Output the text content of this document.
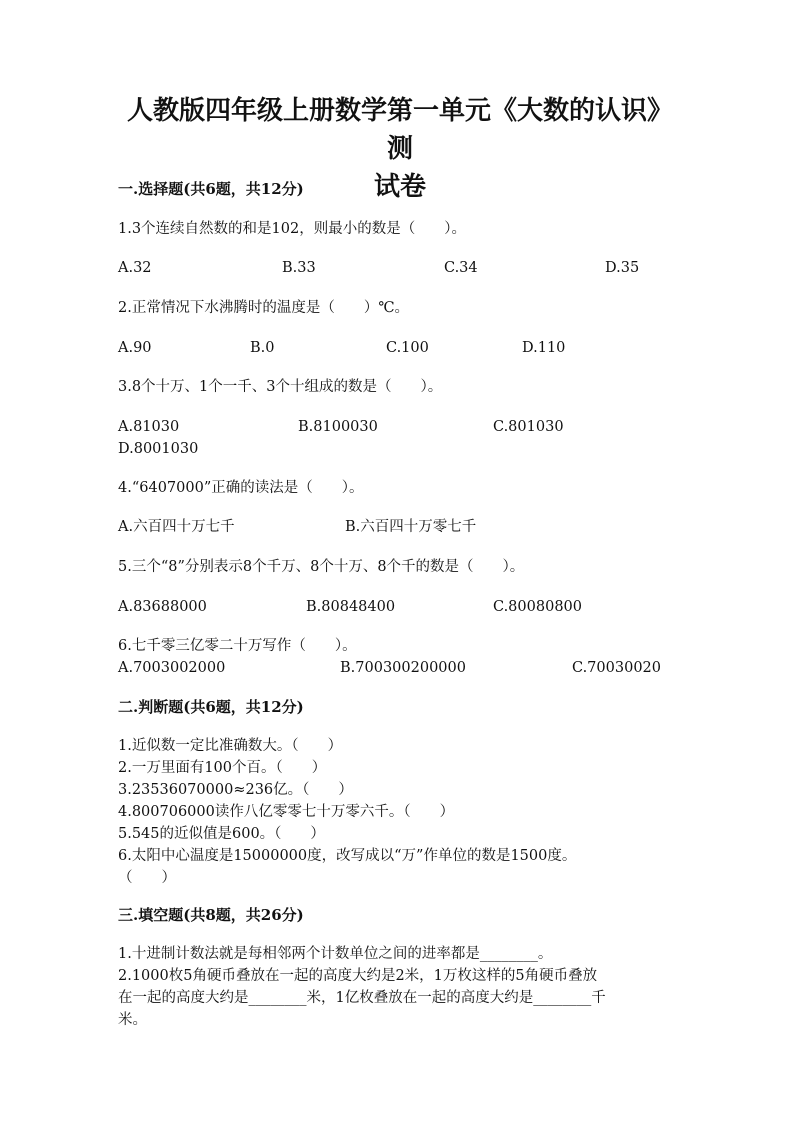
人教版四年级上册数学第一单元《大数的认识》测
试卷
一.选择题(共6题，共12分)
1.3个连续自然数的和是102，则最小的数是（　　）。
A.32	B.33	C.34	D.35
2.正常情况下水沸腾时的温度是（　　）℃。
A.90	B.0	C.100	D.110
3.8个十万、1个一千、3个十组成的数是（　　）。
A.81030	B.8100030	C.801030
D.8001030
4.“6407000”正确的读法是（　　）。
A.六百四十万七千	B.六百四十万零七千
5.三个“8”分别表示8个千万、8个十万、8个千的数是（　　）。
A.83688000	B.80848400	C.80080800
6.七千零三亿零二十万写作（　　）。
A.7003002000	B.700300200000	C.70030020
二.判断题(共6题，共12分)
1.近似数一定比准确数大。（　　）
2.一万里面有100个百。（　　）
3.23536070000≈236亿。（　　）
4.800706000读作八亿零零七十万零六千。（　　）
5.545的近似值是600。（　　）
6.太阳中心温度是15000000度，改写成以“万”作单位的数是1500度。
（　　）
三.填空题(共8题，共26分)
1.十进制计数法就是每相邻两个计数单位之间的进率都是________。
2.1000枚5角硬币叠放在一起的高度大约是2米，1万枚这样的5角硬币叠放
在一起的高度大约是________米，1亿枚叠放在一起的高度大约是________千
米。
